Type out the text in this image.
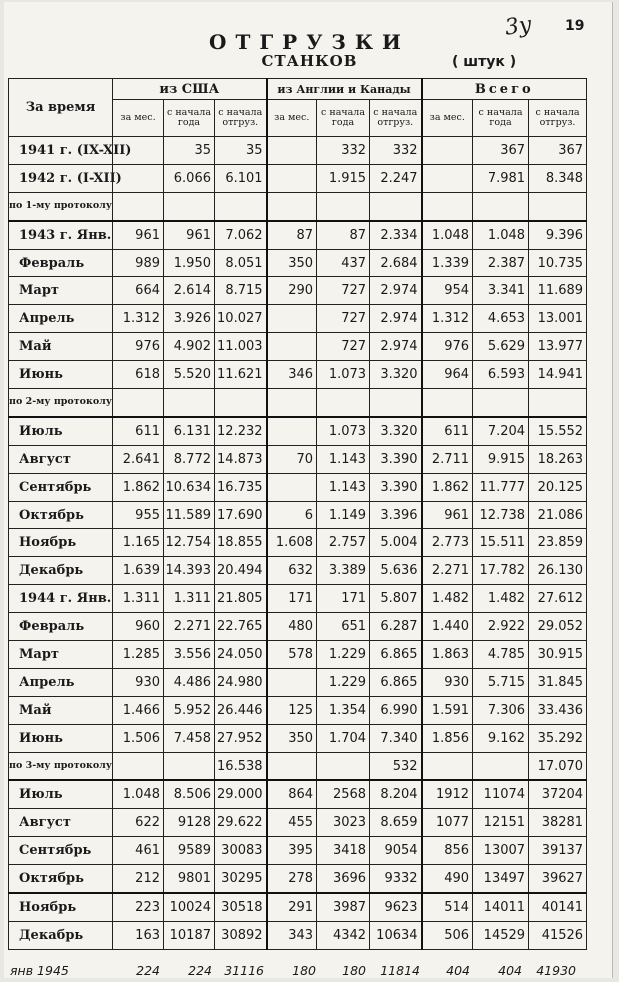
19
3у
ОТГРУЗКИ
СТАНКОВ	( штук )
За время	из США			из Англии и Канады			Всего		
	за мес.	с начала года	с начала отгруз.	за мес.	с начала года	с начала отгруз.	за мес.	с начала года	с начала отгруз.
1941 г. (IX-XII)		35	35		332	332		367	367
1942 г. (I-XII)		6.066	6.101		1.915	2.247		7.981	8.348
по 1-му протоколу									
1943 г. Янв.	961	961	7.062	87	87	2.334	1.048	1.048	9.396
Февраль	989	1.950	8.051	350	437	2.684	1.339	2.387	10.735
Март	664	2.614	8.715	290	727	2.974	954	3.341	11.689
Апрель	1.312	3.926	10.027		727	2.974	1.312	4.653	13.001
Май	976	4.902	11.003		727	2.974	976	5.629	13.977
Июнь	618	5.520	11.621	346	1.073	3.320	964	6.593	14.941
по 2-му протоколу									
Июль	611	6.131	12.232		1.073	3.320	611	7.204	15.552
Август	2.641	8.772	14.873	70	1.143	3.390	2.711	9.915	18.263
Сентябрь	1.862	10.634	16.735		1.143	3.390	1.862	11.777	20.125
Октябрь	955	11.589	17.690	6	1.149	3.396	961	12.738	21.086
Ноябрь	1.165	12.754	18.855	1.608	2.757	5.004	2.773	15.511	23.859
Декабрь	1.639	14.393	20.494	632	3.389	5.636	2.271	17.782	26.130
1944 г. Янв.	1.311	1.311	21.805	171	171	5.807	1.482	1.482	27.612
Февраль	960	2.271	22.765	480	651	6.287	1.440	2.922	29.052
Март	1.285	3.556	24.050	578	1.229	6.865	1.863	4.785	30.915
Апрель	930	4.486	24.980		1.229	6.865	930	5.715	31.845
Май	1.466	5.952	26.446	125	1.354	6.990	1.591	7.306	33.436
Июнь	1.506	7.458	27.952	350	1.704	7.340	1.856	9.162	35.292
по 3-му протоколу			16.538			532			17.070
Июль	1.048	8.506	29.000	864	2568	8.204	1912	11074	37204
Август	622	9128	29.622	455	3023	8.659	1077	12151	38281
Сентябрь	461	9589	30083	395	3418	9054	856	13007	39137
Октябрь	212	9801	30295	278	3696	9332	490	13497	39627
Ноябрь	223	10024	30518	291	3987	9623	514	14011	40141
Декабрь	163	10187	30892	343	4342	10634	506	14529	41526
янв 1945	224	224 31116	180	180	11814	404	404	41930
